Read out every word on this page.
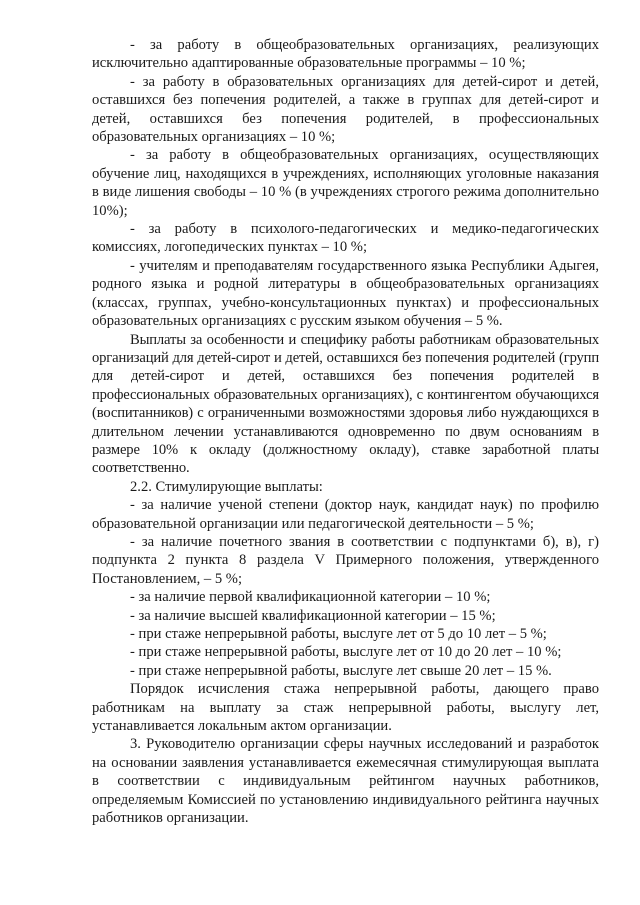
- за работу в общеобразовательных организациях, реализующих исключительно адаптированные образовательные программы – 10 %;

- за работу в образовательных организациях для детей-сирот и детей, оставшихся без попечения родителей, а также в группах для детей-сирот и детей, оставшихся без попечения родителей, в профессиональных образовательных организациях – 10 %;

- за работу в общеобразовательных организациях, осуществляющих обучение лиц, находящихся в учреждениях, исполняющих уголовные наказания в виде лишения свободы – 10 % (в учреждениях строгого режима дополнительно 10%);

- за работу в психолого-педагогических и медико-педагогических комиссиях, логопедических пунктах – 10 %;

- учителям и преподавателям государственного языка Республики Адыгея, родного языка и родной литературы в общеобразовательных организациях (классах, группах, учебно-консультационных пунктах) и профессиональных образовательных организациях с русским языком обучения – 5 %.

Выплаты за особенности и специфику работы работникам образовательных организаций для детей-сирот и детей, оставшихся без попечения родителей (групп для детей-сирот и детей, оставшихся без попечения родителей в профессиональных образовательных организациях), с контингентом обучающихся (воспитанников) с ограниченными возможностями здоровья либо нуждающихся в длительном лечении устанавливаются одновременно по двум основаниям в размере 10% к окладу (должностному окладу), ставке заработной платы соответственно.

2.2. Стимулирующие выплаты:

- за наличие ученой степени (доктор наук, кандидат наук) по профилю образовательной организации или педагогической деятельности – 5 %;

- за наличие почетного звания в соответствии с подпунктами б), в), г) подпункта 2 пункта 8 раздела V Примерного положения, утвержденного Постановлением, – 5 %;

- за наличие первой квалификационной категории – 10 %;

- за наличие высшей квалификационной категории – 15 %;

- при стаже непрерывной работы, выслуге лет от 5 до 10 лет – 5 %;

- при стаже непрерывной работы, выслуге лет от 10 до 20 лет – 10 %;

- при стаже непрерывной работы, выслуге лет свыше 20 лет – 15 %.

Порядок исчисления стажа непрерывной работы, дающего право работникам на выплату за стаж непрерывной работы, выслугу лет, устанавливается локальным актом организации.

3. Руководителю организации сферы научных исследований и разработок на основании заявления устанавливается ежемесячная стимулирующая выплата в соответствии с индивидуальным рейтингом научных работников, определяемым Комиссией по установлению индивидуального рейтинга научных работников организации.
